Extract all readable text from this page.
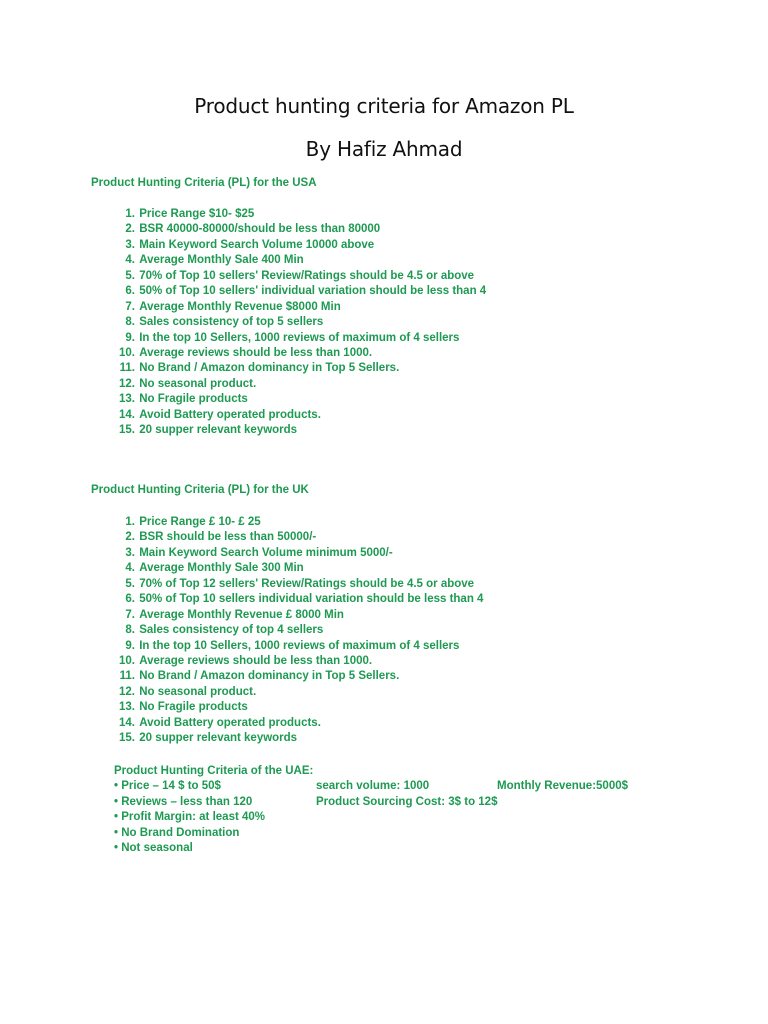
Product hunting criteria for Amazon PL
By Hafiz Ahmad

Product Hunting Criteria (PL) for the USA

1. Price Range $10- $25
2. BSR 40000-80000/should be less than 80000
3. Main Keyword Search Volume 10000 above
4. Average Monthly Sale 400 Min
5. 70% of Top 10 sellers' Review/Ratings should be 4.5 or above
6. 50% of Top 10 sellers' individual variation should be less than 4
7. Average Monthly Revenue $8000 Min
8. Sales consistency of top 5 sellers
9. In the top 10 Sellers, 1000 reviews of maximum of 4 sellers
10. Average reviews should be less than 1000.
11. No Brand / Amazon dominancy in Top 5 Sellers.
12. No seasonal product.
13. No Fragile products
14. Avoid Battery operated products.
15. 20 supper relevant keywords

Product Hunting Criteria (PL) for the UK

1. Price Range £ 10- £ 25
2. BSR should be less than 50000/-
3. Main Keyword Search Volume minimum 5000/-
4. Average Monthly Sale 300 Min
5. 70% of Top 12 sellers' Review/Ratings should be 4.5 or above
6. 50% of Top 10 sellers individual variation should be less than 4
7. Average Monthly Revenue £ 8000 Min
8. Sales consistency of top 4 sellers
9. In the top 10 Sellers, 1000 reviews of maximum of 4 sellers
10. Average reviews should be less than 1000.
11. No Brand / Amazon dominancy in Top 5 Sellers.
12. No seasonal product.
13. No Fragile products
14. Avoid Battery operated products.
15. 20 supper relevant keywords

Product Hunting Criteria of the UAE:

• Price – 14 $ to 50$	search volume: 1000	Monthly Revenue:5000$
• Reviews – less than 120	Product Sourcing Cost: 3$ to 12$
• Profit Margin: at least 40%
• No Brand Domination
• Not seasonal
